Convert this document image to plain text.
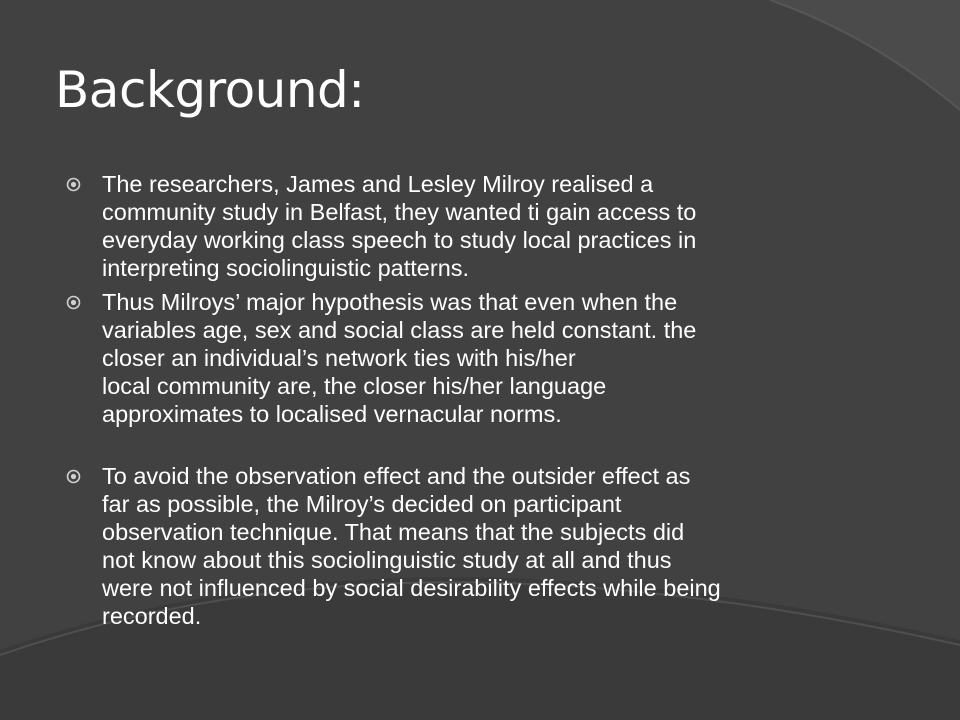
Background:
The researchers, James and Lesley Milroy realised a
community study in Belfast, they wanted ti gain access to
everyday working class speech to study local practices in
interpreting sociolinguistic patterns.
Thus Milroys’ major hypothesis was that even when the
variables age, sex and social class are held constant. the
closer an individual’s network ties with his/her
local community are, the closer his/her language
approximates to localised vernacular norms.
To avoid the observation effect and the outsider effect as
far as possible, the Milroy’s decided on participant
observation technique. That means that the subjects did
not know about this sociolinguistic study at all and thus
were not influenced by social desirability effects while being
recorded.
